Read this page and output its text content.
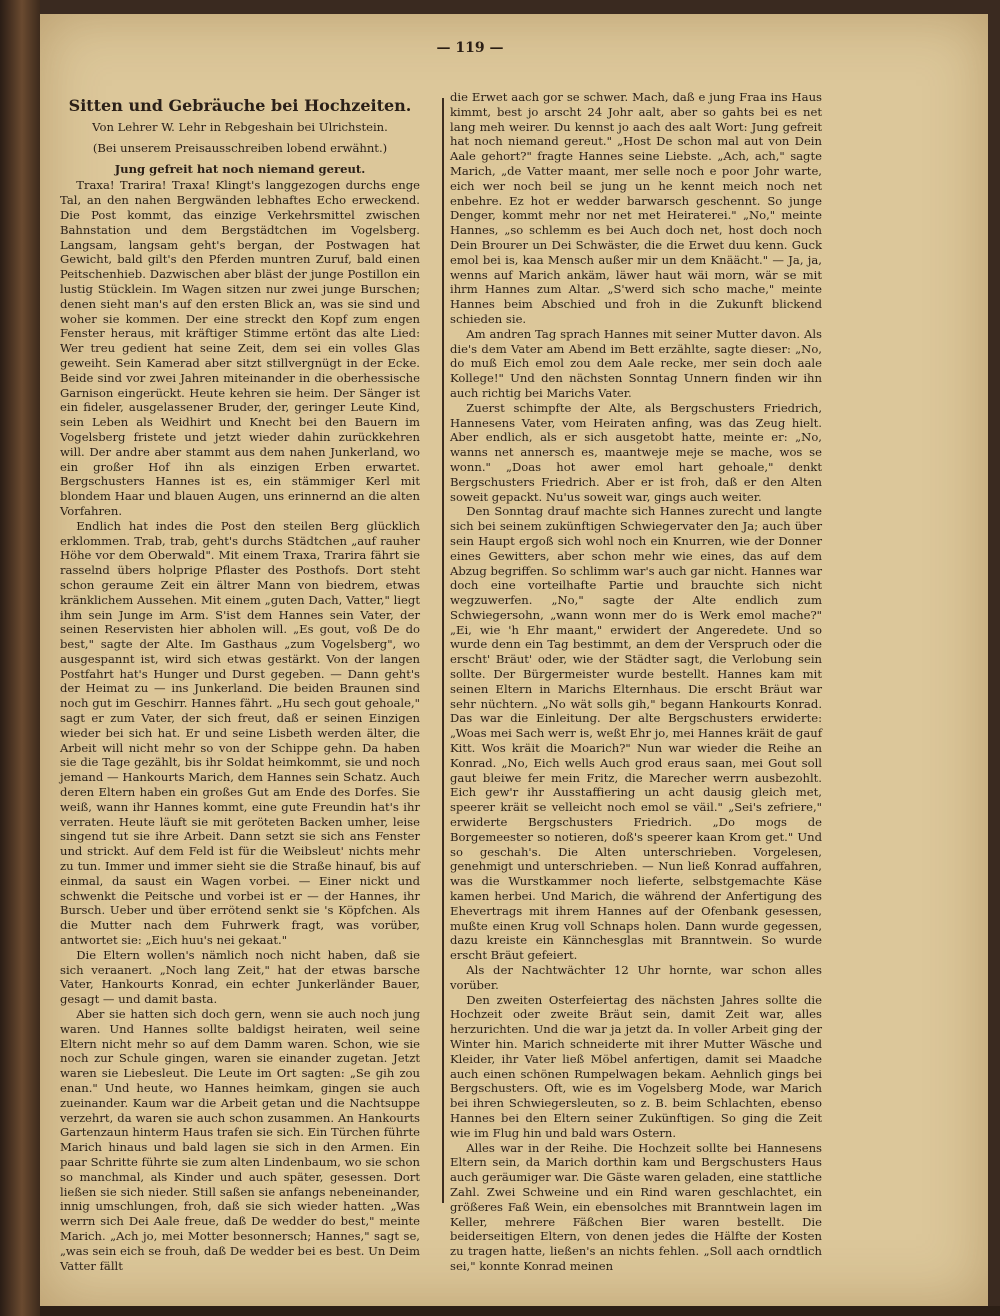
— 119 —
Sitten und Gebräuche bei Hochzeiten.
Von Lehrer W. Lehr in Rebgeshain bei Ulrichstein.
(Bei unserem Preisausschreiben lobend erwähnt.)
Jung gefreit hat noch niemand gereut.

Traxa! Trarira! Traxa! Klingt's langgezogen durchs enge Tal, an den nahen Bergwänden lebhaftes Echo erweckend. Die Post kommt, das einzige Verkehrsmittel zwischen Bahnstation und dem Bergstädtchen im Vogelsberg. Langsam, langsam geht's bergan, der Postwagen hat Gewicht, bald gilt's den Pferden muntren Zuruf, bald einen Peitschenhieb. Dazwischen aber bläst der junge Postillon ein lustig Stücklein. Im Wagen sitzen nur zwei junge Burschen; denen sieht man's auf den ersten Blick an, was sie sind und woher sie kommen. Der eine streckt den Kopf zum engen Fenster heraus, mit kräftiger Stimme ertönt das alte Lied: Wer treu gedient hat seine Zeit, dem sei ein volles Glas geweiht. Sein Kamerad aber sitzt stillvergnügt in der Ecke. Beide sind vor zwei Jahren miteinander in die oberhessische Garnison eingerückt. Heute kehren sie heim. Der Sänger ist ein fideler, ausgelassener Bruder, der, geringer Leute Kind, sein Leben als Weidhirt und Knecht bei den Bauern im Vogelsberg fristete und jetzt wieder dahin zurückkehren will. Der andre aber stammt aus dem nahen Junkerland, wo ein großer Hof ihn als einzigen Erben erwartet. Bergschusters Hannes ist es, ein stämmiger Kerl mit blondem Haar und blauen Augen, uns erinnernd an die alten Vorfahren.

Endlich hat indes die Post den steilen Berg glücklich erklommen. Trab, trab, geht's durchs Städtchen „auf rauher Höhe vor dem Oberwald". Mit einem Traxa, Trarira fährt sie rasselnd übers holprige Pflaster des Posthofs. Dort steht schon geraume Zeit ein ältrer Mann von biedrem, etwas kränklichem Aussehen. Mit einem „guten Dach, Vatter," liegt ihm sein Junge im Arm. S'ist dem Hannes sein Vater, der seinen Reservisten hier abholen will. „Es gout, voß De do best," sagte der Alte. Im Gasthaus „zum Vogelsberg", wo ausgespannt ist, wird sich etwas gestärkt. Von der langen Postfahrt hat's Hunger und Durst gegeben. — Dann geht's der Heimat zu — ins Junkerland. Die beiden Braunen sind noch gut im Geschirr. Hannes fährt. „Hu sech gout gehoale," sagt er zum Vater, der sich freut, daß er seinen Einzigen wieder bei sich hat. Er und seine Lisbeth werden älter, die Arbeit will nicht mehr so von der Schippe gehn. Da haben sie die Tage gezählt, bis ihr Soldat heimkommt, sie und noch jemand — Hankourts Marich, dem Hannes sein Schatz. Auch deren Eltern haben ein großes Gut am Ende des Dorfes. Sie weiß, wann ihr Hannes kommt, eine gute Freundin hat's ihr verraten. Heute läuft sie mit geröteten Backen umher, leise singend tut sie ihre Arbeit. Dann setzt sie sich ans Fenster und strickt. Auf dem Feld ist für die Weibsleut' nichts mehr zu tun. Immer und immer sieht sie die Straße hinauf, bis auf einmal, da saust ein Wagen vorbei. — Einer nickt und schwenkt die Peitsche und vorbei ist er — der Hannes, ihr Bursch. Ueber und über errötend senkt sie 's Köpfchen. Als die Mutter nach dem Fuhrwerk fragt, was vorüber, antwortet sie: „Eich huu's nei gekaat."

Die Eltern wollen's nämlich noch nicht haben, daß sie sich veraanert. „Noch lang Zeit," hat der etwas barsche Vater, Hankourts Konrad, ein echter Junkerländer Bauer, gesagt — und damit basta.

Aber sie hatten sich doch gern, wenn sie auch noch jung waren. Und Hannes sollte baldigst heiraten, weil seine Eltern nicht mehr so auf dem Damm waren. Schon, wie sie noch zur Schule gingen, waren sie einander zugetan. Jetzt waren sie Liebesleut. Die Leute im Ort sagten: „Se gih zou enan." Und heute, wo Hannes heimkam, gingen sie auch zueinander. Kaum war die Arbeit getan und die Nachtsuppe verzehrt, da waren sie auch schon zusammen. An Hankourts Gartenzaun hinterm Haus trafen sie sich. Ein Türchen führte Marich hinaus und bald lagen sie sich in den Armen. Ein paar Schritte führte sie zum alten Lindenbaum, wo sie schon so manchmal, als Kinder und auch später, gesessen. Dort ließen sie sich nieder. Still saßen sie anfangs nebeneinander, innig umschlungen, froh, daß sie sich wieder hatten. „Was werrn sich Dei Aale freue, daß De wedder do best," meinte Marich. „Ach jo, mei Motter besonnersch; Hannes," sagt se, „was sein eich se frouh, daß De wedder bei es best. Un Deim Vatter fällt

die Erwet aach gor se schwer. Mach, daß e jung Fraa ins Haus kimmt, best jo arscht 24 Johr aalt, aber so gahts bei es net lang meh weirer. Du kennst jo aach des aalt Wort: Jung gefreit hat noch niemand gereut." „Host De schon mal aut von Dein Aale gehort?" fragte Hannes seine Liebste. „Ach, ach," sagte Marich, „de Vatter maant, mer selle noch e poor Johr warte, eich wer noch beil se jung un he kennt meich noch net enbehre. Ez hot er wedder barwarsch geschennt. So junge Denger, kommt mehr nor net met Heiraterei." „No," meinte Hannes, „so schlemm es bei Auch doch net, host doch noch Dein Brourer un Dei Schwäster, die die Erwet duu kenn. Guck emol bei is, kaa Mensch außer mir un dem Knäächt." — Ja, ja, wenns auf Marich ankäm, läwer haut wäi morn, wär se mit ihrm Hannes zum Altar. „S'werd sich scho mache," meinte Hannes beim Abschied und froh in die Zukunft blickend schieden sie.

Am andren Tag sprach Hannes mit seiner Mutter davon. Als die's dem Vater am Abend im Bett erzählte, sagte dieser: „No, do muß Eich emol zou dem Aale recke, mer sein doch aale Kollege!" Und den nächsten Sonntag Unnern finden wir ihn auch richtig bei Marichs Vater.

Zuerst schimpfte der Alte, als Bergschusters Friedrich, Hannesens Vater, vom Heiraten anfing, was das Zeug hielt. Aber endlich, als er sich ausgetobt hatte, meinte er: „No, wanns net annersch es, maantweje meje se mache, wos se wonn." „Doas hot awer emol hart gehoale," denkt Bergschusters Friedrich. Aber er ist froh, daß er den Alten soweit gepackt. Nu'us soweit war, gings auch weiter.

Den Sonntag drauf machte sich Hannes zurecht und langte sich bei seinem zukünftigen Schwiegervater den Ja; auch über sein Haupt ergoß sich wohl noch ein Knurren, wie der Donner eines Gewitters, aber schon mehr wie eines, das auf dem Abzug begriffen. So schlimm war's auch gar nicht. Hannes war doch eine vorteilhafte Partie und brauchte sich nicht wegzuwerfen. „No," sagte der Alte endlich zum Schwiegersohn, „wann wonn mer do is Werk emol mache?" „Ei, wie 'h Ehr maant," erwidert der Angeredete. Und so wurde denn ein Tag bestimmt, an dem der Verspruch oder die erscht' Bräut' oder, wie der Städter sagt, die Verlobung sein sollte. Der Bürgermeister wurde bestellt. Hannes kam mit seinen Eltern in Marichs Elternhaus. Die erscht Bräut war sehr nüchtern. „No wät solls gih," begann Hankourts Konrad. Das war die Einleitung. Der alte Bergschusters erwiderte: „Woas mei Sach werr is, weßt Ehr jo, mei Hannes kräit de gauf Kitt. Wos kräit die Moarich?" Nun war wieder die Reihe an Konrad. „No, Eich wells Auch grod eraus saan, mei Gout soll gaut bleiwe fer mein Fritz, die Marecher werrn ausbezohlt. Eich gew'r ihr Ausstaffiering un acht dausig gleich met, speerer kräit se velleicht noch emol se väil." „Sei's zefriere," erwiderte Bergschusters Friedrich. „Do mogs de Borgemeester so notieren, doß's speerer kaan Krom get." Und so geschah's. Die Alten unterschrieben. Vorgelesen, genehmigt und unterschrieben. — Nun ließ Konrad auffahren, was die Wurstkammer noch lieferte, selbstgemachte Käse kamen herbei. Und Marich, die während der Anfertigung des Ehevertrags mit ihrem Hannes auf der Ofenbank gesessen, mußte einen Krug voll Schnaps holen. Dann wurde gegessen, dazu kreiste ein Kännchesglas mit Branntwein. So wurde erscht Bräut gefeiert.

Als der Nachtwächter 12 Uhr hornte, war schon alles vorüber.

Den zweiten Osterfeiertag des nächsten Jahres sollte die Hochzeit oder zweite Bräut sein, damit Zeit war, alles herzurichten. Und die war ja jetzt da. In voller Arbeit ging der Winter hin. Marich schneiderte mit ihrer Mutter Wäsche und Kleider, ihr Vater ließ Möbel anfertigen, damit sei Maadche auch einen schönen Rumpelwagen bekam. Aehnlich gings bei Bergschusters. Oft, wie es im Vogelsberg Mode, war Marich bei ihren Schwiegersleuten, so z. B. beim Schlachten, ebenso Hannes bei den Eltern seiner Zukünftigen. So ging die Zeit wie im Flug hin und bald wars Ostern.

Alles war in der Reihe. Die Hochzeit sollte bei Hannesens Eltern sein, da Marich dorthin kam und Bergschusters Haus auch geräumiger war. Die Gäste waren geladen, eine stattliche Zahl. Zwei Schweine und ein Rind waren geschlachtet, ein größeres Faß Wein, ein ebensolches mit Branntwein lagen im Keller, mehrere Fäßchen Bier waren bestellt. Die beiderseitigen Eltern, von denen jedes die Hälfte der Kosten zu tragen hatte, ließen's an nichts fehlen. „Soll aach orndtlich sei," konnte Konrad meinen
